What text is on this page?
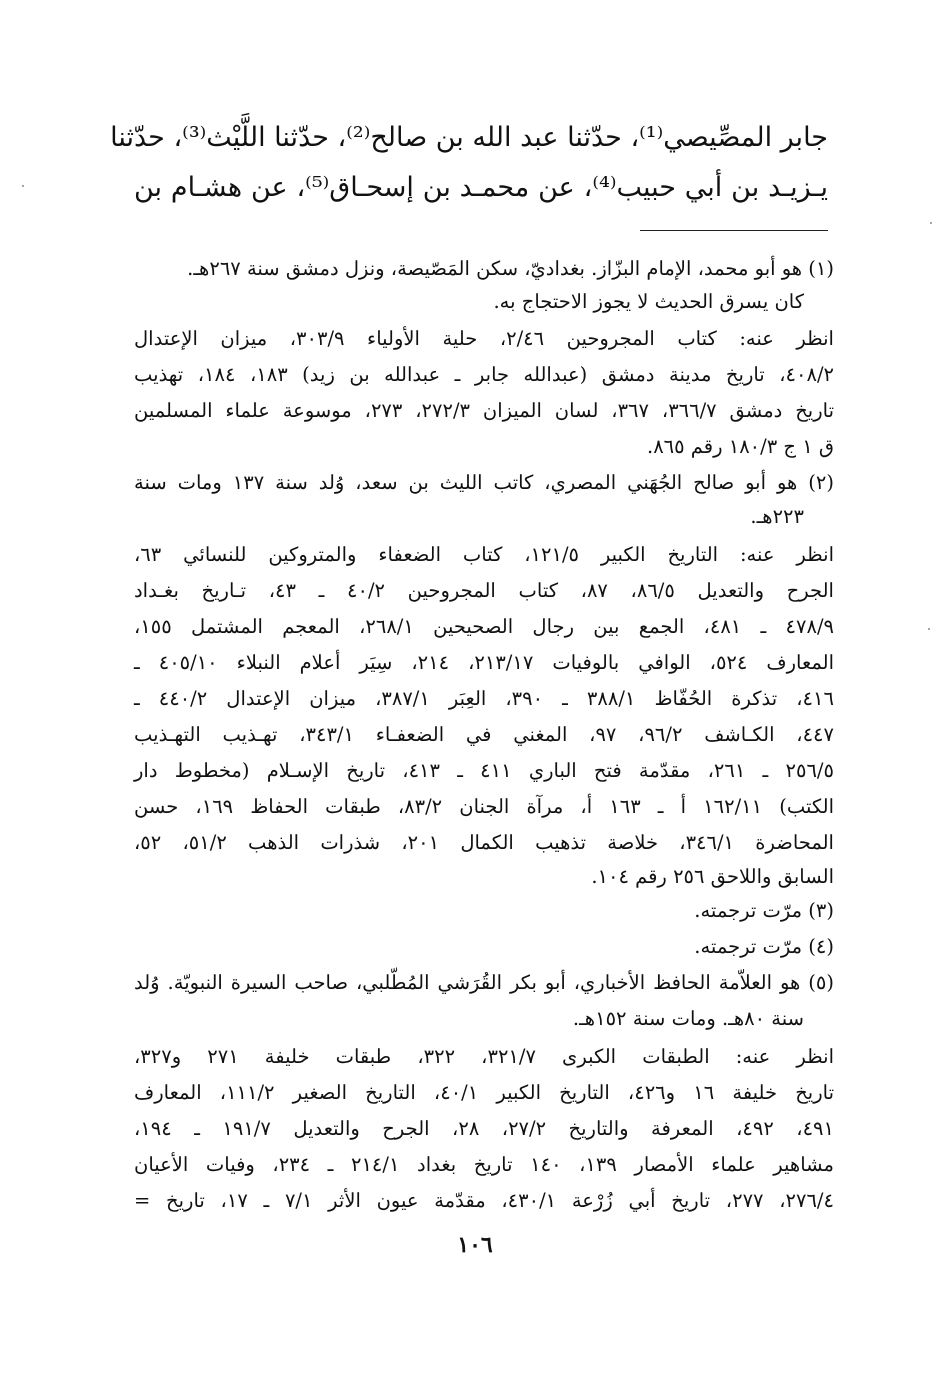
جابر المصِّيصي⁽¹⁾، حدّثنا عبد الله بن صالح⁽²⁾، حدّثنا اللَّيْث⁽³⁾، حدّثنا
يـزيـد بن أبي حبيب⁽⁴⁾، عن محمـد بن إسحـاق⁽⁵⁾، عن هشـام بن
(١) هو أبو محمد، الإمام البزّاز. بغداديّ، سكن المَصّيصة، ونزل دمشق سنة ٢٦٧هـ.
كان يسرق الحديث لا يجوز الاحتجاج به.
انظر عنه: كتاب المجروحين ٢/٤٦، حلية الأولياء ٣٠٣/٩، ميزان الإعتدال
٤٠٨/٢، تاريخ مدينة دمشق (عبدالله جابر ـ عبدالله بن زيد) ١٨٣، ١٨٤، تهذيب
تاريخ دمشق ٣٦٦/٧، ٣٦٧، لسان الميزان ٢٧٢/٣، ٢٧٣، موسوعة علماء المسلمين
ق ١ ج ١٨٠/٣ رقم ٨٦٥.
(٢) هو أبو صالح الجُهَني المصري، كاتب الليث بن سعد، وُلد سنة ١٣٧ ومات سنة
٢٢٣هـ.
انظر عنه: التاريخ الكبير ١٢١/٥، كتاب الضعفاء والمتروكين للنسائي ٦٣،
الجرح والتعديل ٨٦/٥، ٨٧، كتاب المجروحين ٤٠/٢ ـ ٤٣، تـاريخ بغـداد
٤٧٨/٩ ـ ٤٨١، الجمع بين رجال الصحيحين ٢٦٨/١، المعجم المشتمل ١٥٥،
المعارف ٥٢٤، الوافي بالوفيات ٢١٣/١٧، ٢١٤، سِيَر أعلام النبلاء ٤٠٥/١٠ ـ
٤١٦، تذكرة الحُفّاظ ٣٨٨/١ ـ ٣٩٠، العِبَر ٣٨٧/١، ميزان الإعتدال ٤٤٠/٢ ـ
٤٤٧، الكـاشف ٩٦/٢، ٩٧، المغني في الضعفـاء ٣٤٣/١، تهـذيب التهـذيب
٢٥٦/٥ ـ ٢٦١، مقدّمة فتح الباري ٤١١ ـ ٤١٣، تاريخ الإسـلام (مخطوط دار
الكتب) ١٦٢/١١ أ ـ ١٦٣ أ، مرآة الجنان ٨٣/٢، طبقات الحفاظ ١٦٩، حسن
المحاضرة ٣٤٦/١، خلاصة تذهيب الكمال ٢٠١، شذرات الذهب ٥١/٢، ٥٢،
السابق واللاحق ٢٥٦ رقم ١٠٤.
(٣) مرّت ترجمته.
(٤) مرّت ترجمته.
(٥) هو العلاّمة الحافظ الأخباري، أبو بكر القُرَشي المُطّلبي، صاحب السيرة النبويّة. وُلد
سنة ٨٠هـ. ومات سنة ١٥٢هـ.
انظر عنه: الطبقات الكبرى ٣٢١/٧، ٣٢٢، طبقات خليفة ٢٧١ و٣٢٧،
تاريخ خليفة ١٦ و٤٢٦، التاريخ الكبير ٤٠/١، التاريخ الصغير ١١١/٢، المعارف
٤٩١، ٤٩٢، المعرفة والتاريخ ٢٧/٢، ٢٨، الجرح والتعديل ١٩١/٧ ـ ١٩٤،
مشاهير علماء الأمصار ١٣٩، ١٤٠ تاريخ بغداد ٢١٤/١ ـ ٢٣٤، وفيات الأعيان
٢٧٦/٤، ٢٧٧، تاريخ أبي زُرْعة ٤٣٠/١، مقدّمة عيون الأثر ٧/١ ـ ١٧، تاريخ =
١٠٦
